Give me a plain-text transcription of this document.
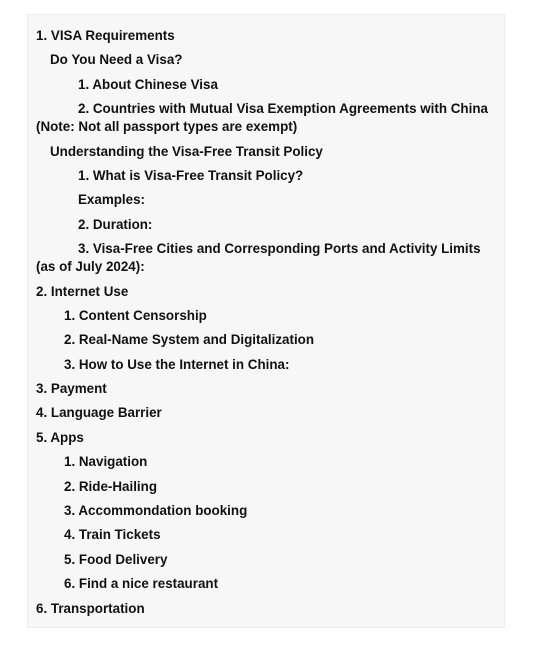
1. VISA Requirements
Do You Need a Visa?
1. About Chinese Visa
2. Countries with Mutual Visa Exemption Agreements with China (Note: Not all passport types are exempt)
Understanding the Visa-Free Transit Policy
1. What is Visa-Free Transit Policy?
Examples:
2. Duration:
3. Visa-Free Cities and Corresponding Ports and Activity Limits (as of July 2024):
2. Internet Use
1. Content Censorship
2. Real-Name System and Digitalization
3. How to Use the Internet in China:
3. Payment
4. Language Barrier
5. Apps
1. Navigation
2. Ride-Hailing
3. Accommondation booking
4. Train Tickets
5. Food Delivery
6. Find a nice restaurant
6. Transportation
